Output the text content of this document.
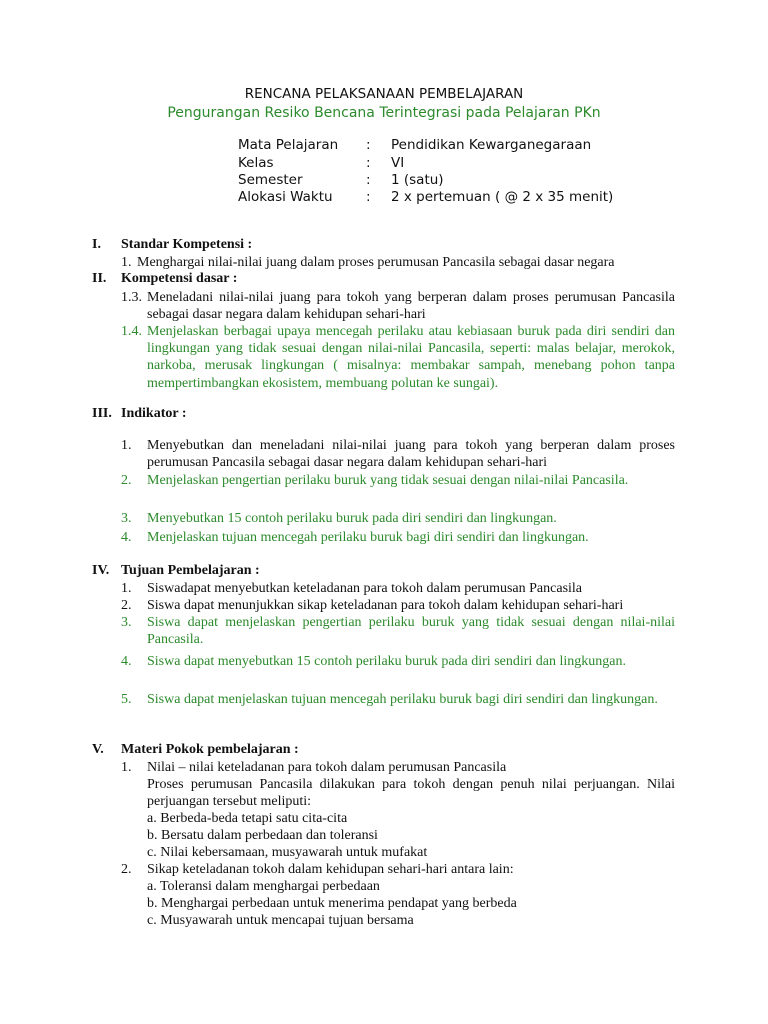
RENCANA PELAKSANAAN PEMBELAJARAN
Pengurangan Resiko Bencana Terintegrasi pada Pelajaran PKn
Mata Pelajaran	: Pendidikan Kewarganegaraan
Kelas	: VI
Semester	: 1 (satu)
Alokasi Waktu	: 2 x pertemuan ( @ 2 x 35 menit)
I. Standar Kompetensi :
1. Menghargai nilai-nilai juang dalam proses perumusan Pancasila sebagai dasar negara
II. Kompetensi dasar :
1.3. Meneladani nilai-nilai juang para tokoh yang berperan dalam proses perumusan Pancasila sebagai dasar negara dalam kehidupan sehari-hari
1.4. Menjelaskan berbagai upaya mencegah perilaku atau kebiasaan buruk pada diri sendiri dan lingkungan yang tidak sesuai dengan nilai-nilai Pancasila, seperti: malas belajar, merokok, narkoba, merusak lingkungan ( misalnya: membakar sampah, menebang pohon tanpa mempertimbangkan ekosistem, membuang polutan ke sungai).
III. Indikator :
1. Menyebutkan dan meneladani nilai-nilai juang para tokoh yang berperan dalam proses perumusan Pancasila sebagai dasar negara dalam kehidupan sehari-hari
2. Menjelaskan pengertian perilaku buruk yang tidak sesuai dengan nilai-nilai Pancasila.
3. Menyebutkan 15 contoh perilaku buruk pada diri sendiri dan lingkungan.
4. Menjelaskan tujuan mencegah perilaku buruk bagi diri sendiri dan lingkungan.
IV. Tujuan Pembelajaran :
1. Siswadapat menyebutkan keteladanan para tokoh dalam perumusan Pancasila
2. Siswa dapat menunjukkan sikap keteladanan para tokoh dalam kehidupan sehari-hari
3. Siswa dapat menjelaskan pengertian perilaku buruk yang tidak sesuai dengan nilai-nilai Pancasila.
4. Siswa dapat menyebutkan 15 contoh perilaku buruk pada diri sendiri dan lingkungan.
5. Siswa dapat menjelaskan tujuan mencegah perilaku buruk bagi diri sendiri dan lingkungan.
V. Materi Pokok pembelajaran :
1. Nilai – nilai keteladanan para tokoh dalam perumusan Pancasila
Proses perumusan Pancasila dilakukan para tokoh dengan penuh nilai perjuangan. Nilai perjuangan tersebut meliputi:
a. Berbeda-beda tetapi satu cita-cita
b. Bersatu dalam perbedaan dan toleransi
c. Nilai kebersamaan, musyawarah untuk mufakat
2. Sikap keteladanan tokoh dalam kehidupan sehari-hari antara lain:
a. Toleransi dalam menghargai perbedaan
b. Menghargai perbedaan untuk menerima pendapat yang berbeda
c. Musyawarah untuk mencapai tujuan bersama
